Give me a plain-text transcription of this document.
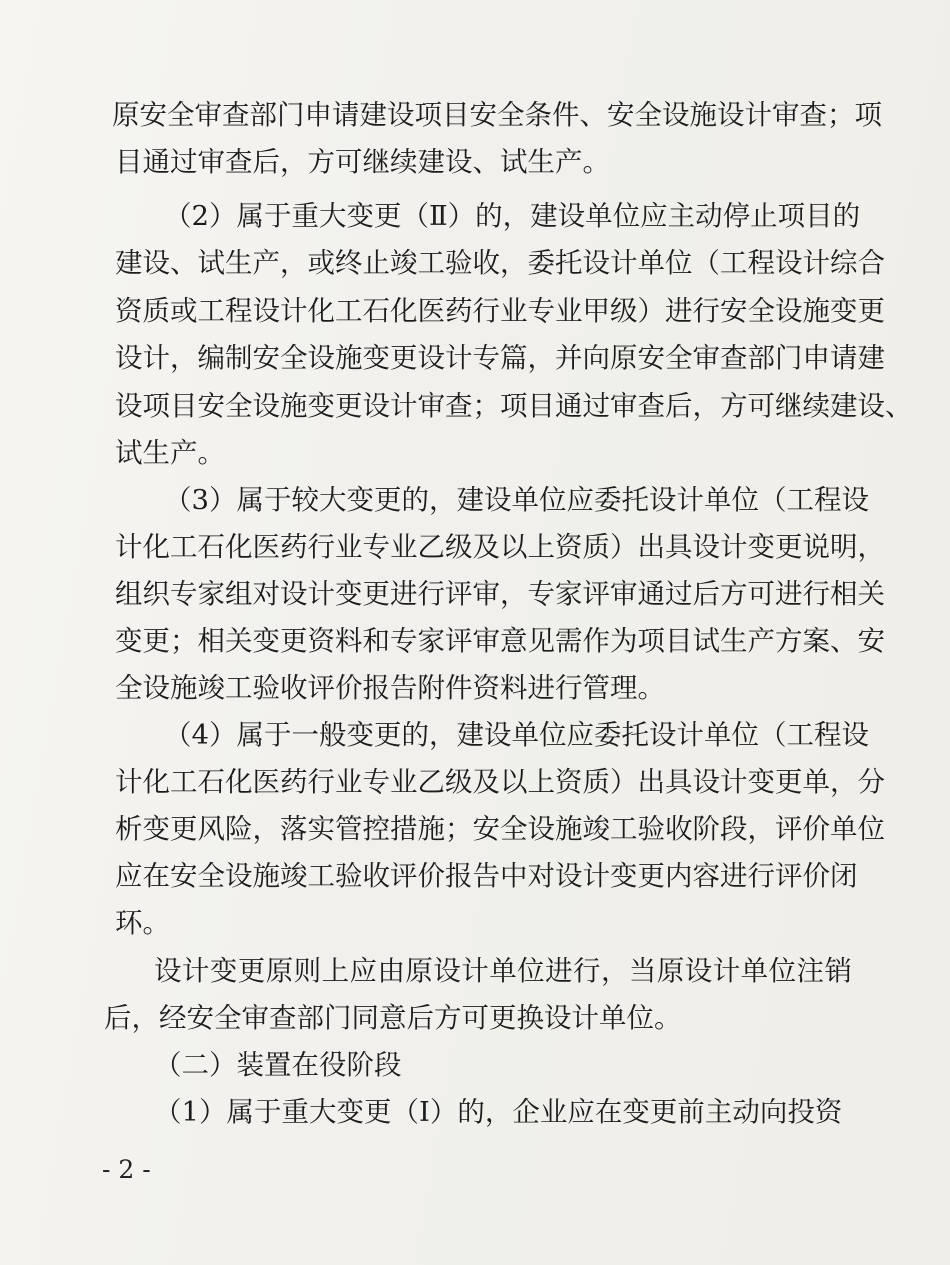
原安全审查部门申请建设项目安全条件、安全设施设计审查；项
目通过审查后，方可继续建设、试生产。
（2）属于重大变更（Ⅱ）的，建设单位应主动停止项目的
建设、试生产，或终止竣工验收，委托设计单位（工程设计综合
资质或工程设计化工石化医药行业专业甲级）进行安全设施变更
设计，编制安全设施变更设计专篇，并向原安全审查部门申请建
设项目安全设施变更设计审查；项目通过审查后，方可继续建设、
试生产。
（3）属于较大变更的，建设单位应委托设计单位（工程设
计化工石化医药行业专业乙级及以上资质）出具设计变更说明，
组织专家组对设计变更进行评审，专家评审通过后方可进行相关
变更；相关变更资料和专家评审意见需作为项目试生产方案、安
全设施竣工验收评价报告附件资料进行管理。
（4）属于一般变更的，建设单位应委托设计单位（工程设
计化工石化医药行业专业乙级及以上资质）出具设计变更单，分
析变更风险，落实管控措施；安全设施竣工验收阶段，评价单位
应在安全设施竣工验收评价报告中对设计变更内容进行评价闭
环。
设计变更原则上应由原设计单位进行，当原设计单位注销
后，经安全审查部门同意后方可更换设计单位。
（二）装置在役阶段
（1）属于重大变更（Ⅰ）的，企业应在变更前主动向投资
- 2 -
